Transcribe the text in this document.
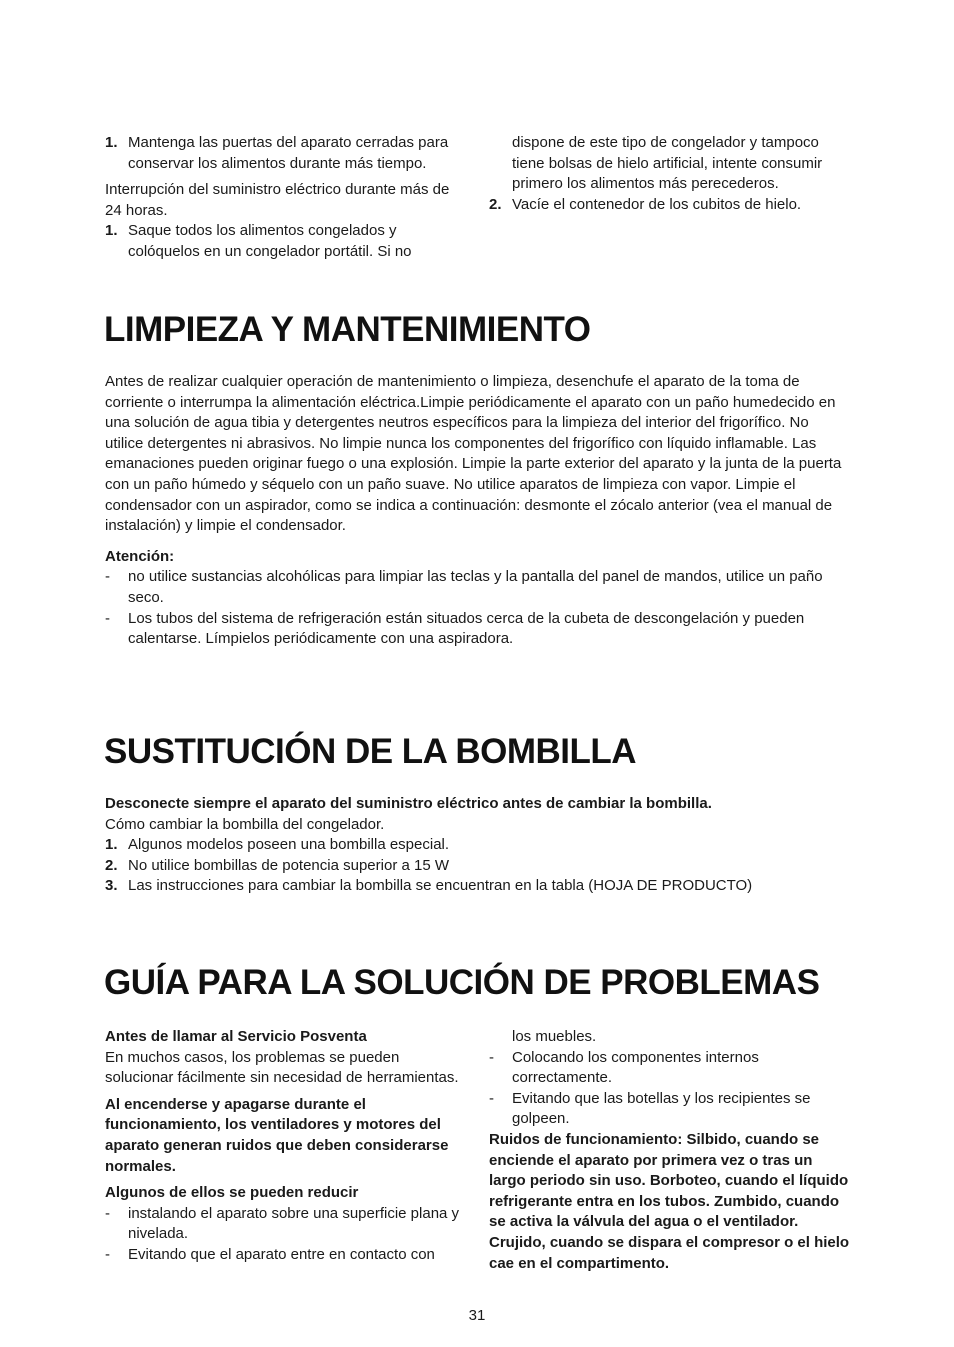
1. Mantenga las puertas del aparato cerradas para conservar los alimentos durante más tiempo.

Interrupción del suministro eléctrico durante más de 24 horas.

1. Saque todos los alimentos congelados y colóquelos en un congelador portátil. Si no

dispone de este tipo de congelador y tampoco tiene bolsas de hielo artificial, intente consumir primero los alimentos más perecederos.

2. Vacíe el contenedor de los cubitos de hielo.
LIMPIEZA Y MANTENIMIENTO

Antes de realizar cualquier operación de mantenimiento o limpieza, desenchufe el aparato de la toma de corriente o interrumpa la alimentación eléctrica.Limpie periódicamente el aparato con un paño humedecido en una solución de agua tibia y detergentes neutros específicos para la limpieza del interior del frigorífico. No utilice detergentes ni abrasivos. No limpie nunca los componentes del frigorífico con líquido inflamable. Las emanaciones pueden originar fuego o una explosión. Limpie la parte exterior del aparato y la junta de la puerta con un paño húmedo y séquelo con un paño suave. No utilice aparatos de limpieza con vapor. Limpie el condensador con un aspirador, como se indica a continuación: desmonte el zócalo anterior (vea el manual de instalación) y limpie el condensador.

Atención:

- no utilice sustancias alcohólicas para limpiar las teclas y la pantalla del panel de mandos, utilice un paño seco.
- Los tubos del sistema de refrigeración están situados cerca de la cubeta de descongelación y pueden calentarse. Límpielos periódicamente con una aspiradora.
SUSTITUCIÓN DE LA BOMBILLA

Desconecte siempre el aparato del suministro eléctrico antes de cambiar la bombilla.

Cómo cambiar la bombilla del congelador.

1. Algunos modelos poseen una bombilla especial.
2. No utilice bombillas de potencia superior a 15 W
3. Las instrucciones para cambiar la bombilla se encuentran en la tabla (HOJA DE PRODUCTO)
GUÍA PARA LA SOLUCIÓN DE PROBLEMAS

Antes de llamar al Servicio Posventa

En muchos casos, los problemas se pueden solucionar fácilmente sin necesidad de herramientas.

Al encenderse y apagarse durante el funcionamiento, los ventiladores y motores del aparato generan ruidos que deben considerarse normales.

Algunos de ellos se pueden reducir

- instalando el aparato sobre una superficie plana y nivelada.
- Evitando que el aparato entre en contacto con

los muebles.

- Colocando los componentes internos correctamente.
- Evitando que las botellas y los recipientes se golpeen.

Ruidos de funcionamiento: Silbido, cuando se enciende el aparato por primera vez o tras un largo periodo sin uso. Borboteo, cuando el líquido refrigerante entra en los tubos. Zumbido, cuando se activa la válvula del agua o el ventilador. Crujido, cuando se dispara el compresor o el hielo cae en el compartimento.

31
